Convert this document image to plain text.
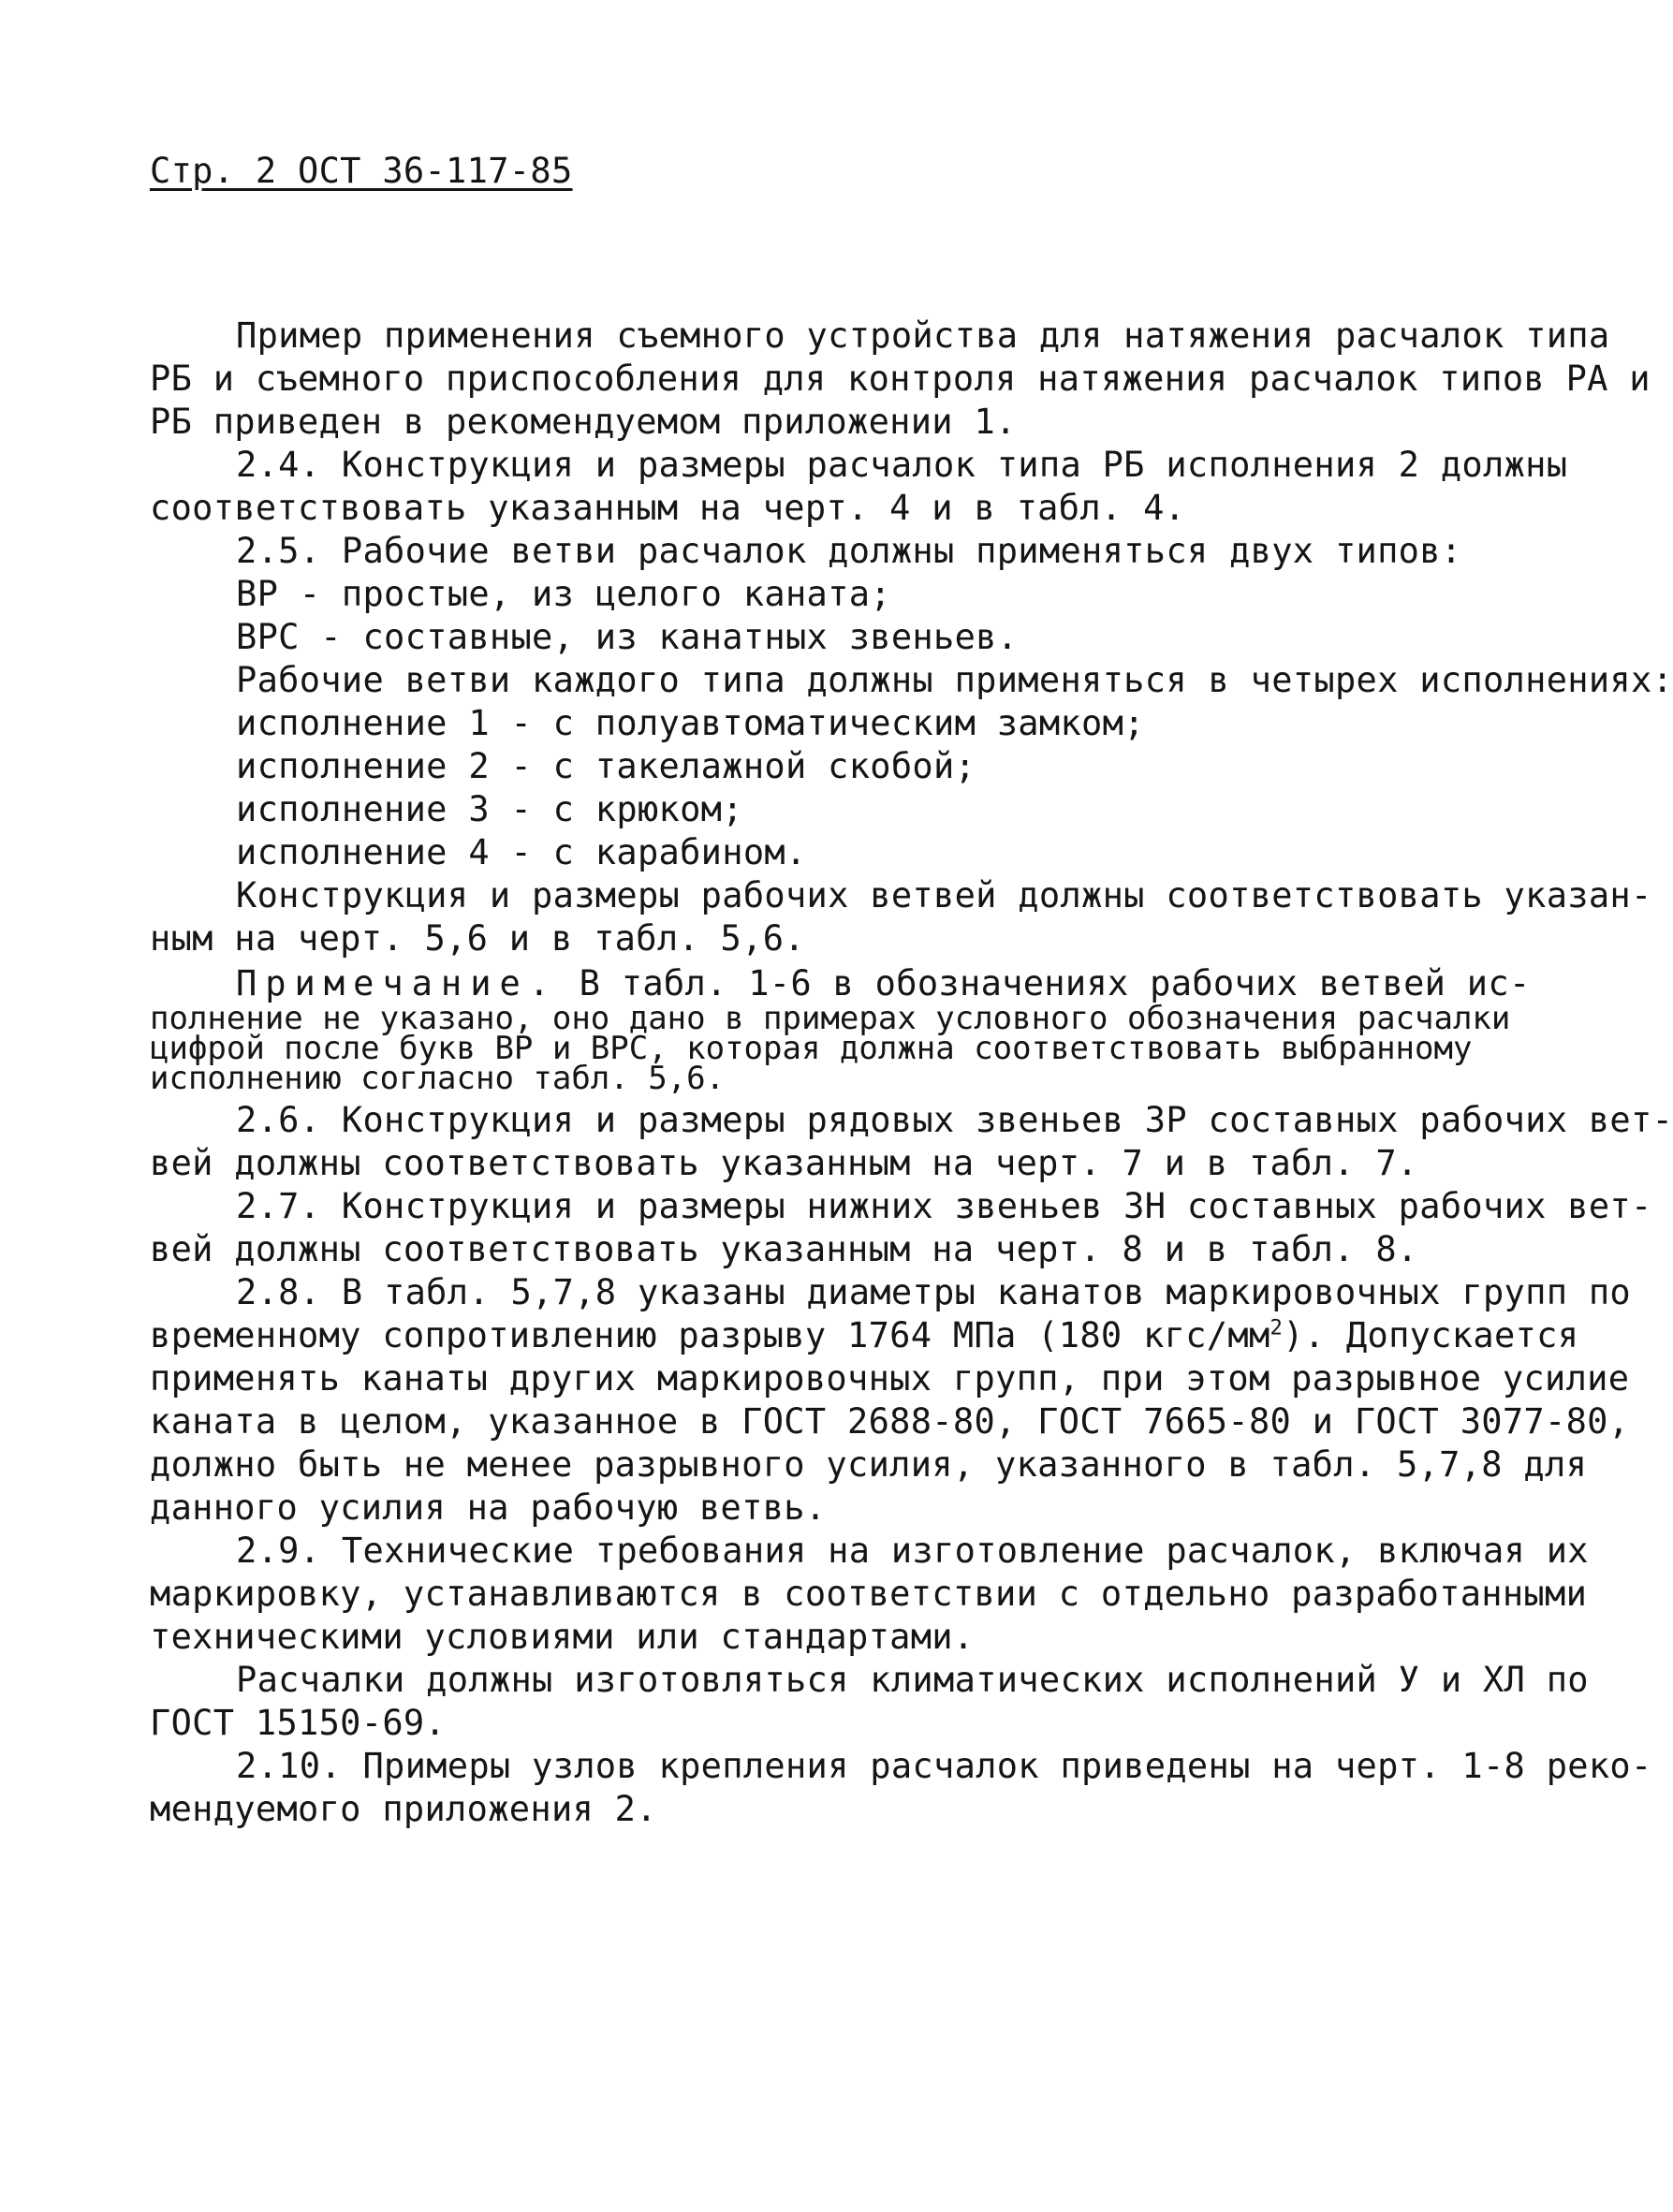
Стр. 2 ОСТ 36-117-85
Пример применения съемного устройства для натяжения расчалок типа
РБ и съемного приспособления для контроля натяжения расчалок типов РА и
РБ приведен в рекомендуемом приложении 1.
2.4. Конструкция и размеры расчалок типа РБ исполнения 2 должны
соответствовать указанным на черт. 4 и в табл. 4.
2.5. Рабочие ветви расчалок должны применяться двух типов:
ВР - простые, из целого каната;
ВРС - составные, из канатных звеньев.
Рабочие ветви каждого типа должны применяться в четырех исполнениях:
исполнение 1 - с полуавтоматическим замком;
исполнение 2 - с такелажной скобой;
исполнение 3 - с крюком;
исполнение 4 - с карабином.
Конструкция и размеры рабочих ветвей должны соответствовать указан-
ным на черт. 5,6 и в табл. 5,6.
Примечание. В табл. 1-6 в обозначениях рабочих ветвей ис-
полнение не указано, оно дано в примерах условного обозначения расчалки
цифрой после букв ВР и ВРС, которая должна соответствовать выбранному
исполнению согласно табл. 5,6.
2.6. Конструкция и размеры рядовых звеньев ЗР составных рабочих вет-
вей должны соответствовать указанным на черт. 7 и в табл. 7.
2.7. Конструкция и размеры нижних звеньев ЗН составных рабочих вет-
вей должны соответствовать указанным на черт. 8 и в табл. 8.
2.8. В табл. 5,7,8 указаны диаметры канатов маркировочных групп по
временному сопротивлению разрыву 1764 МПа (180 кгс/$мм^2$). Допускается
применять канаты других маркировочных групп, при этом разрывное усилие
каната в целом, указанное в ГОСТ 2688-80, ГОСТ 7665-80 и ГОСТ 3077-80,
должно быть не менее разрывного усилия, указанного в табл. 5,7,8 для
данного усилия на рабочую ветвь.
2.9. Технические требования на изготовление расчалок, включая их
маркировку, устанавливаются в соответствии с отдельно разработанными
техническими условиями или стандартами.
Расчалки должны изготовляться климатических исполнений У и ХЛ по
ГОСТ 15150-69.
2.10. Примеры узлов крепления расчалок приведены на черт. 1-8 реко-
мендуемого приложения 2.
